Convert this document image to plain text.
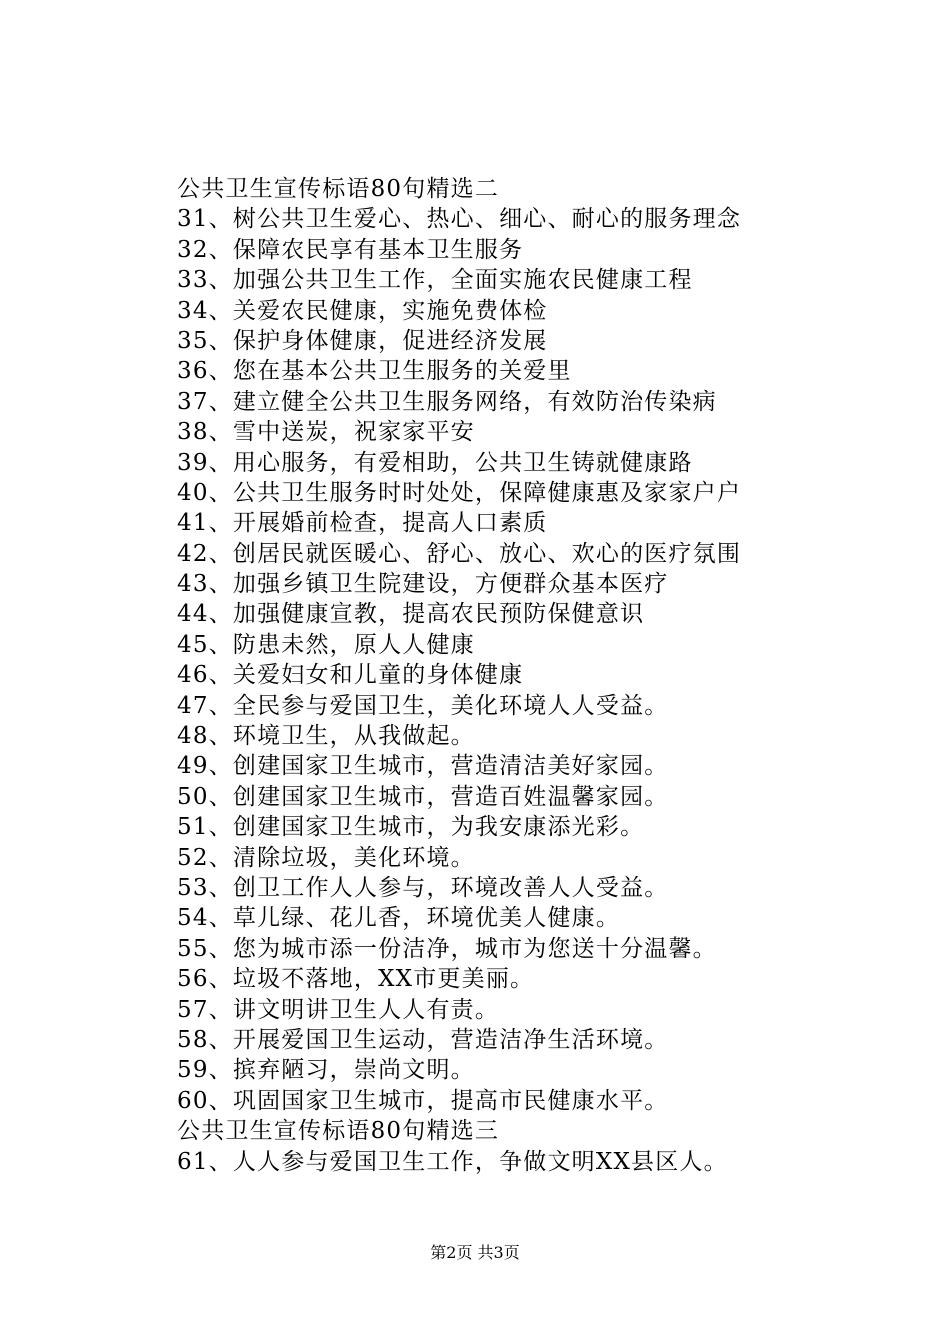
公共卫生宣传标语80句精选二
31、树公共卫生爱心、热心、细心、耐心的服务理念
32、保障农民享有基本卫生服务
33、加强公共卫生工作，全面实施农民健康工程
34、关爱农民健康，实施免费体检
35、保护身体健康，促进经济发展
36、您在基本公共卫生服务的关爱里
37、建立健全公共卫生服务网络，有效防治传染病
38、雪中送炭，祝家家平安
39、用心服务，有爱相助，公共卫生铸就健康路
40、公共卫生服务时时处处，保障健康惠及家家户户
41、开展婚前检查，提高人口素质
42、创居民就医暖心、舒心、放心、欢心的医疗氛围
43、加强乡镇卫生院建设，方便群众基本医疗
44、加强健康宣教，提高农民预防保健意识
45、防患未然，原人人健康
46、关爱妇女和儿童的身体健康
47、全民参与爱国卫生，美化环境人人受益。
48、环境卫生，从我做起。
49、创建国家卫生城市，营造清洁美好家园。
50、创建国家卫生城市，营造百姓温馨家园。
51、创建国家卫生城市，为我安康添光彩。
52、清除垃圾，美化环境。
53、创卫工作人人参与，环境改善人人受益。
54、草儿绿、花儿香，环境优美人健康。
55、您为城市添一份洁净，城市为您送十分温馨。
56、垃圾不落地，XX市更美丽。
57、讲文明讲卫生人人有责。
58、开展爱国卫生运动，营造洁净生活环境。
59、摈弃陋习，崇尚文明。
60、巩固国家卫生城市，提高市民健康水平。
公共卫生宣传标语80句精选三
61、人人参与爱国卫生工作，争做文明XX县区人。
第2页 共3页
